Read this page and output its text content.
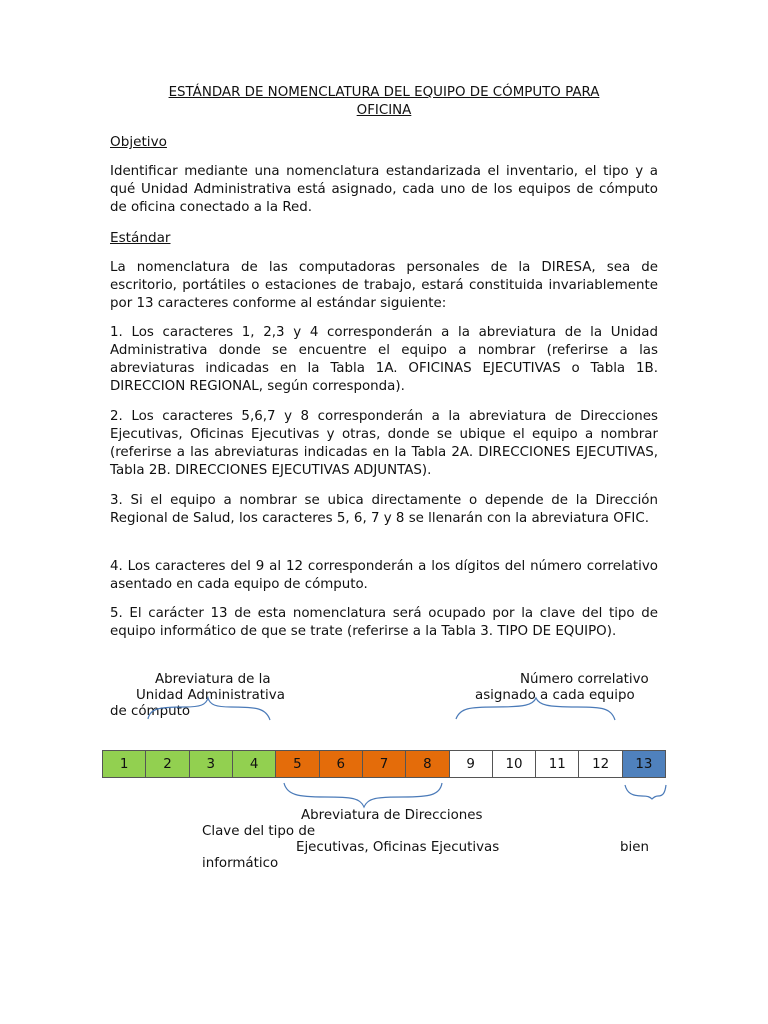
ESTÁNDAR DE NOMENCLATURA DEL EQUIPO DE CÓMPUTO PARA
OFICINA
Objetivo
Identificar mediante una nomenclatura estandarizada el inventario, el tipo y a qué Unidad Administrativa está asignado, cada uno de los equipos de cómputo de oficina conectado a la Red.
Estándar
La nomenclatura de las computadoras personales de la DIRESA, sea de escritorio, portátiles o estaciones de trabajo, estará constituida invariablemente por 13 caracteres conforme al estándar siguiente:
1. Los caracteres 1, 2,3 y 4 corresponderán a la abreviatura de la Unidad Administrativa donde se encuentre el equipo a nombrar (referirse a las abreviaturas indicadas en la Tabla 1A. OFICINAS EJECUTIVAS o Tabla 1B. DIRECCION REGIONAL, según corresponda).
2. Los caracteres 5,6,7 y 8 corresponderán a la abreviatura de Direcciones Ejecutivas, Oficinas Ejecutivas y otras, donde se ubique el equipo a nombrar (referirse a las abreviaturas indicadas en la Tabla 2A. DIRECCIONES EJECUTIVAS, Tabla 2B. DIRECCIONES EJECUTIVAS ADJUNTAS).
3. Si el equipo a nombrar se ubica directamente o depende de la Dirección Regional de Salud, los caracteres 5, 6, 7 y 8 se llenarán con la abreviatura OFIC.
4. Los caracteres del 9 al 12 corresponderán a los dígitos del número correlativo asentado en cada equipo de cómputo.
5. El carácter 13 de esta nomenclatura será ocupado por la clave del tipo de equipo informático de que se trate (referirse a la Tabla 3. TIPO DE EQUIPO).
Abreviatura de la
Unidad Administrativa
de cómputo
Número correlativo
asignado a cada equipo
1	2	3	4	5	6	7	8	9	10	11	12	13
Abreviatura de Direcciones
Clave del tipo de
Ejecutivas, Oficinas Ejecutivas	bien
informático
